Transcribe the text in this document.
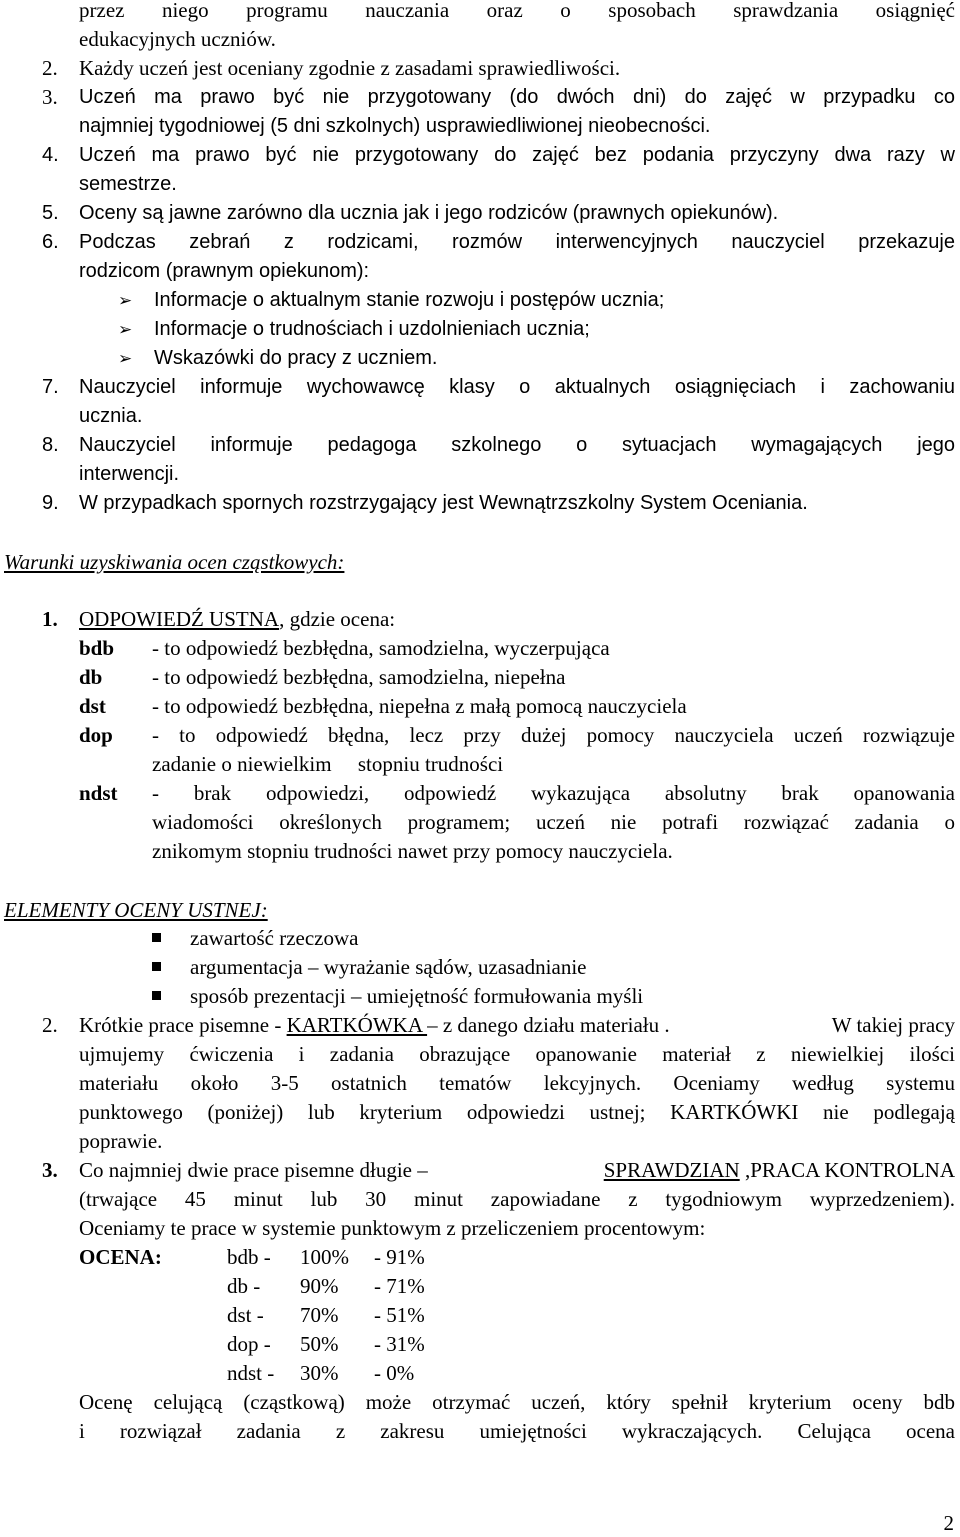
przez niego programu nauczania oraz o sposobach sprawdzania osiągnięć
edukacyjnych uczniów.
2. Każdy uczeń jest oceniany zgodnie z zasadami sprawiedliwości.
3. Uczeń ma prawo być nie przygotowany (do dwóch dni) do zajęć w przypadku co
najmniej tygodniowej (5 dni szkolnych) usprawiedliwionej nieobecności.
4. Uczeń ma prawo być nie przygotowany do zajęć bez podania przyczyny dwa razy w
semestrze.
5. Oceny są jawne zarówno dla ucznia jak i jego rodziców (prawnych opiekunów).
6. Podczas zebrań z rodzicami, rozmów interwencyjnych nauczyciel przekazuje
rodzicom (prawnym opiekunom):
➢ Informacje o aktualnym stanie rozwoju i postępów ucznia;
➢ Informacje o trudnościach i uzdolnieniach ucznia;
➢ Wskazówki do pracy z uczniem.
7. Nauczyciel informuje wychowawcę klasy o aktualnych osiągnięciach i zachowaniu
ucznia.
8. Nauczyciel informuje pedagoga szkolnego o sytuacjach wymagających jego
interwencji.
9. W przypadkach spornych rozstrzygający jest Wewnątrzszkolny System Oceniania.
Warunki uzyskiwania ocen cząstkowych:
1. ODPOWIEDŹ USTNA, gdzie ocena:
bdb - to odpowiedź bezbłędna, samodzielna, wyczerpująca
db - to odpowiedź bezbłędna, samodzielna, niepełna
dst - to odpowiedź bezbłędna, niepełna z małą pomocą nauczyciela
dop - to odpowiedź błędna, lecz przy dużej pomocy nauczyciela uczeń rozwiązuje
zadanie o niewielkim     stopniu trudności
ndst - brak odpowiedzi, odpowiedź wykazująca absolutny brak opanowania
wiadomości określonych programem; uczeń nie potrafi rozwiązać zadania o
znikomym stopniu trudności nawet przy pomocy nauczyciela.
ELEMENTY OCENY USTNEJ:
zawartość rzeczowa
argumentacja – wyrażanie sądów, uzasadnianie
sposób prezentacji – umiejętność formułowania myśli
2. Krótkie prace pisemne - KARTKÓWKA – z danego działu materiału .	W takiej pracy
ujmujemy ćwiczenia i zadania obrazujące opanowanie materiał z niewielkiej ilości
materiału około 3-5 ostatnich tematów lekcyjnych. Oceniamy według systemu
punktowego (poniżej) lub kryterium odpowiedzi ustnej; KARTKÓWKI nie podlegają
poprawie.
3. Co najmniej dwie prace pisemne długie –	SPRAWDZIAN ,PRACA KONTROLNA
(trwające 45 minut lub 30 minut zapowiadane z tygodniowym wyprzedzeniem).
Oceniamy te prace w systemie punktowym z przeliczeniem procentowym:
OCENA:	bdb - 100% - 91%
db - 90% - 71%
dst - 70% - 51%
dop - 50% - 31%
ndst - 30% - 0%
Ocenę celującą (cząstkową) może otrzymać uczeń, który spełnił kryterium oceny bdb
i rozwiązał zadania z zakresu umiejętności wykraczających. Celująca ocena
2
